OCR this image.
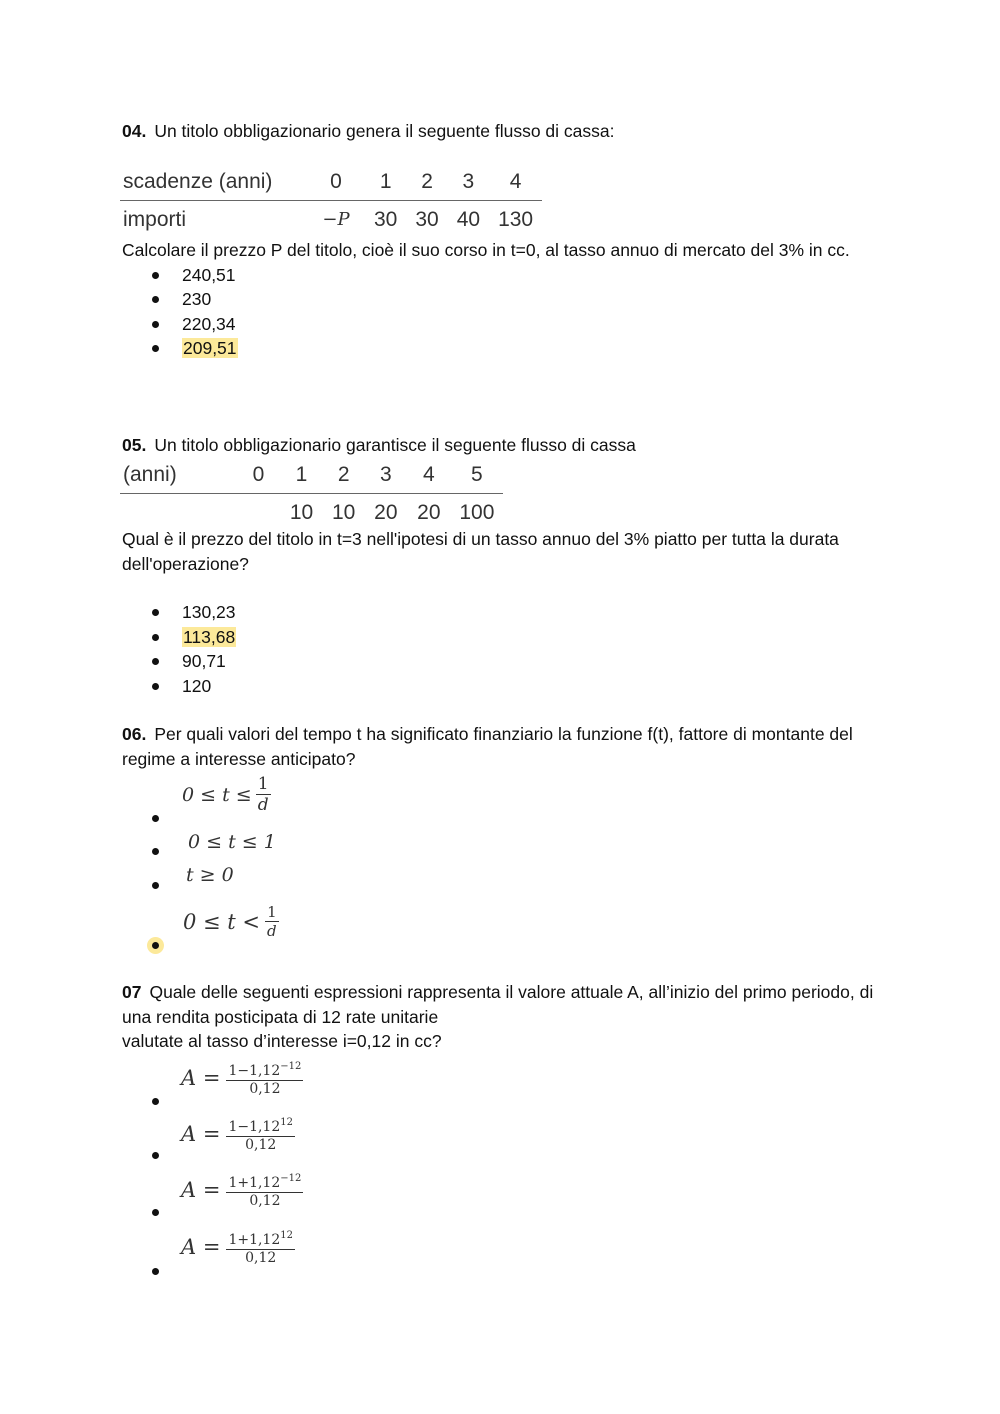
04. Un titolo obbligazionario genera il seguente flusso di cassa:

scadenze (anni)	0	1	2	3	4
importi	−P	30	30	40	130

Calcolare il prezzo P del titolo, cioè il suo corso in t=0, al tasso annuo di mercato del 3% in cc.

240,51
230
220,34
209,51

05. Un titolo obbligazionario garantisce il seguente flusso di cassa

(anni)	0	1	2	3	4	5
		10	10	20	20	100

Qual è il prezzo del titolo in t=3 nell'ipotesi di un tasso annuo del 3% piatto per tutta la durata dell'operazione?

130,23
113,68
90,71
120

06. Per quali valori del tempo t ha significato finanziario la funzione f(t), fattore di montante del regime a interesse anticipato?

$0 \le t \le \frac{1}{d}$
0 ≤ t ≤ 1
t ≥ 0
$0 \le t < \frac{1}{d}$

07 Quale delle seguenti espressioni rappresenta il valore attuale A, all’inizio del primo periodo, di una rendita posticipata di 12 rate unitarie

valutate al tasso d’interesse i=0,12 in cc?

$A = \frac{1-1,12^{-12}}{0,12}$
$A = \frac{1-1,12^{12}}{0,12}$
$A = \frac{1+1,12^{-12}}{0,12}$
$A = \frac{1+1,12^{12}}{0,12}$
